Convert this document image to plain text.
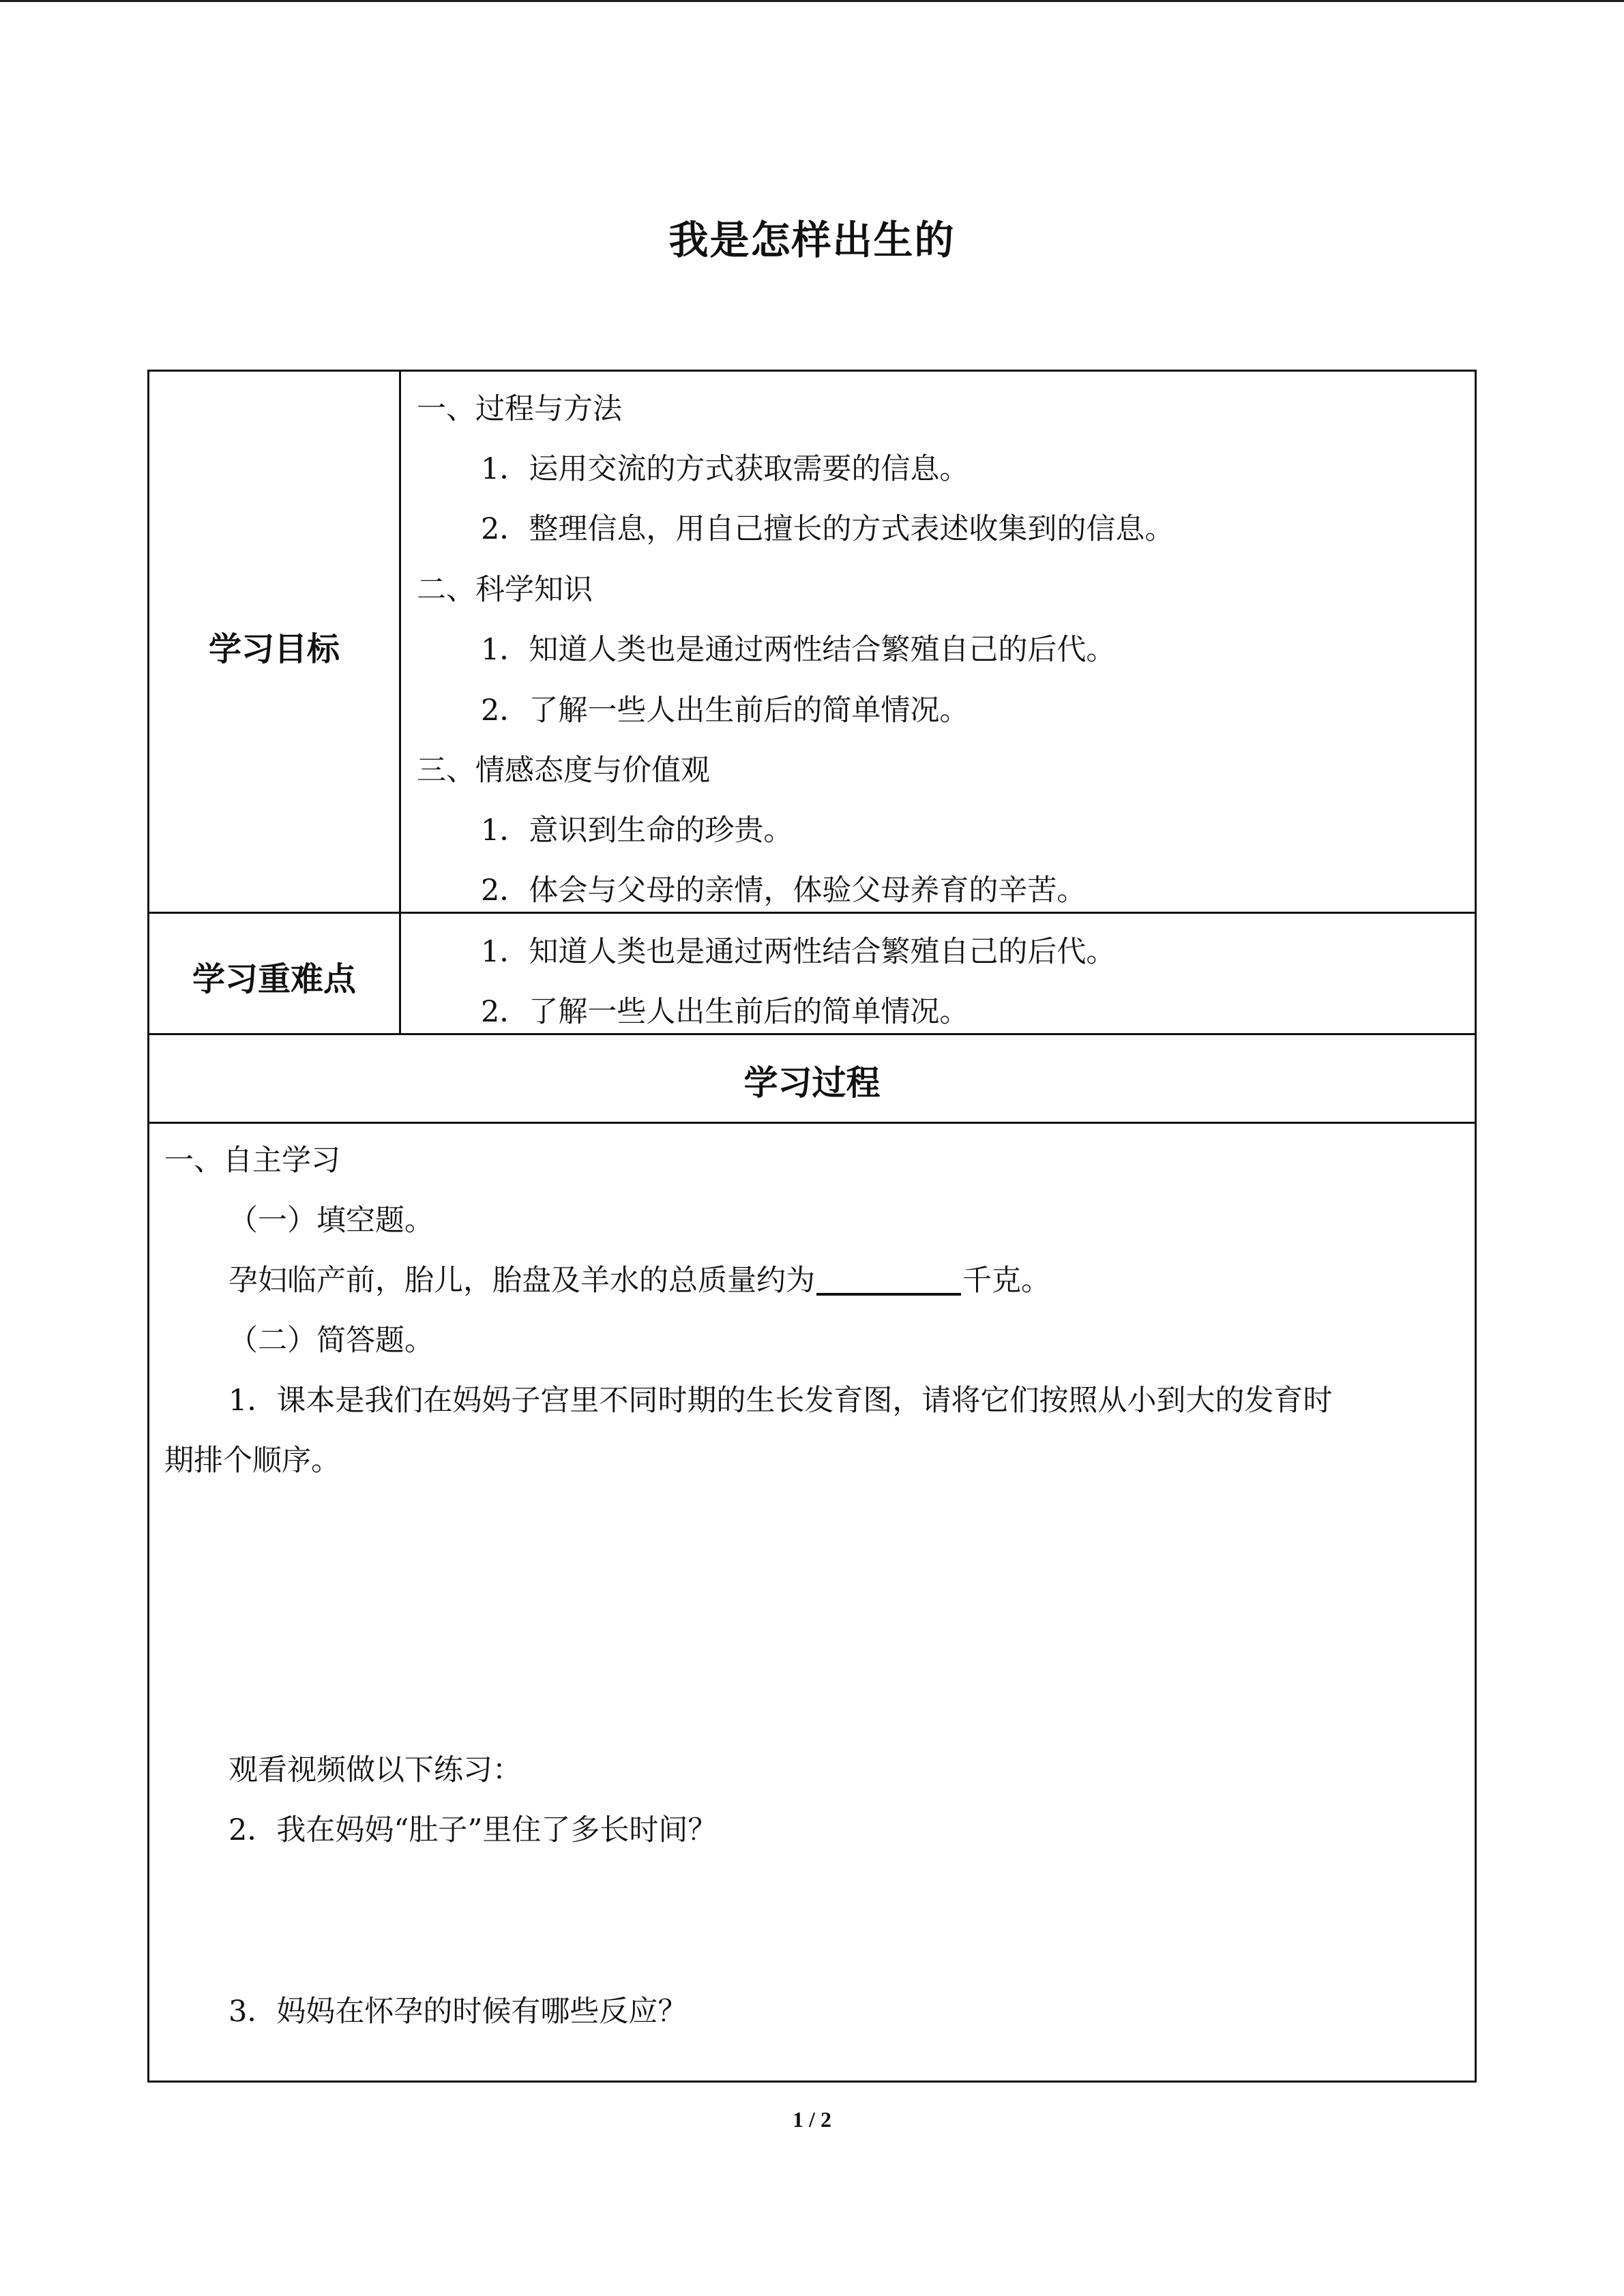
我是怎样出生的
学习目标
一、过程与方法
1．运用交流的方式获取需要的信息。
2．整理信息，用自己擅长的方式表述收集到的信息。
二、科学知识
1．知道人类也是通过两性结合繁殖自己的后代。
2．了解一些人出生前后的简单情况。
三、情感态度与价值观
1．意识到生命的珍贵。
2．体会与父母的亲情，体验父母养育的辛苦。
学习重难点
1．知道人类也是通过两性结合繁殖自己的后代。
2．了解一些人出生前后的简单情况。
学习过程
一、自主学习
（一）填空题。
孕妇临产前，胎儿，胎盘及羊水的总质量约为	千克。
（二）简答题。
1．课本是我们在妈妈子宫里不同时期的生长发育图，请将它们按照从小到大的发育时
期排个顺序。
观看视频做以下练习：
2．我在妈妈“肚子”里住了多长时间？
3．妈妈在怀孕的时候有哪些反应？
1 / 2
